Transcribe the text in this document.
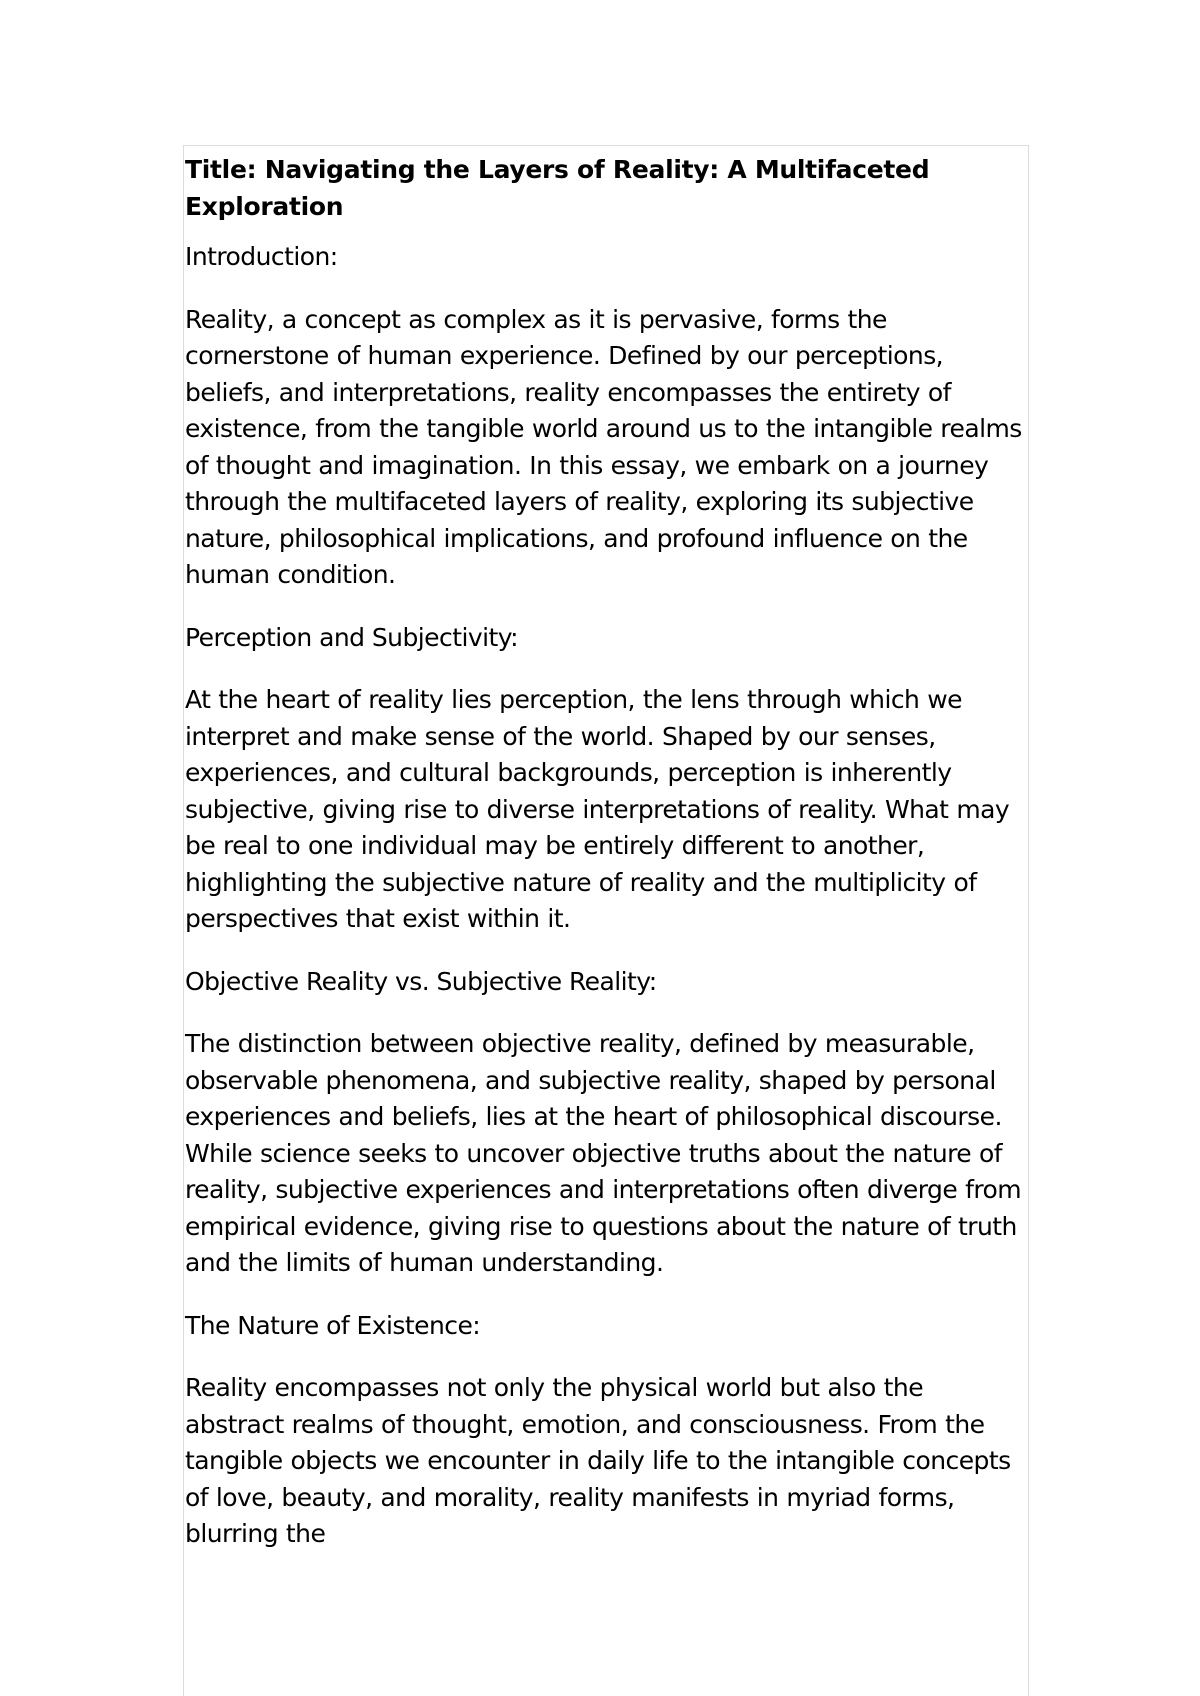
Title: Navigating the Layers of Reality: A Multifaceted Exploration
Introduction:
Reality, a concept as complex as it is pervasive, forms the cornerstone of human experience. Defined by our perceptions, beliefs, and interpretations, reality encompasses the entirety of existence, from the tangible world around us to the intangible realms of thought and imagination. In this essay, we embark on a journey through the multifaceted layers of reality, exploring its subjective nature, philosophical implications, and profound influence on the human condition.
Perception and Subjectivity:
At the heart of reality lies perception, the lens through which we interpret and make sense of the world. Shaped by our senses, experiences, and cultural backgrounds, perception is inherently subjective, giving rise to diverse interpretations of reality. What may be real to one individual may be entirely different to another, highlighting the subjective nature of reality and the multiplicity of perspectives that exist within it.
Objective Reality vs. Subjective Reality:
The distinction between objective reality, defined by measurable, observable phenomena, and subjective reality, shaped by personal experiences and beliefs, lies at the heart of philosophical discourse. While science seeks to uncover objective truths about the nature of reality, subjective experiences and interpretations often diverge from empirical evidence, giving rise to questions about the nature of truth and the limits of human understanding.
The Nature of Existence:
Reality encompasses not only the physical world but also the abstract realms of thought, emotion, and consciousness. From the tangible objects we encounter in daily life to the intangible concepts of love, beauty, and morality, reality manifests in myriad forms, blurring the
